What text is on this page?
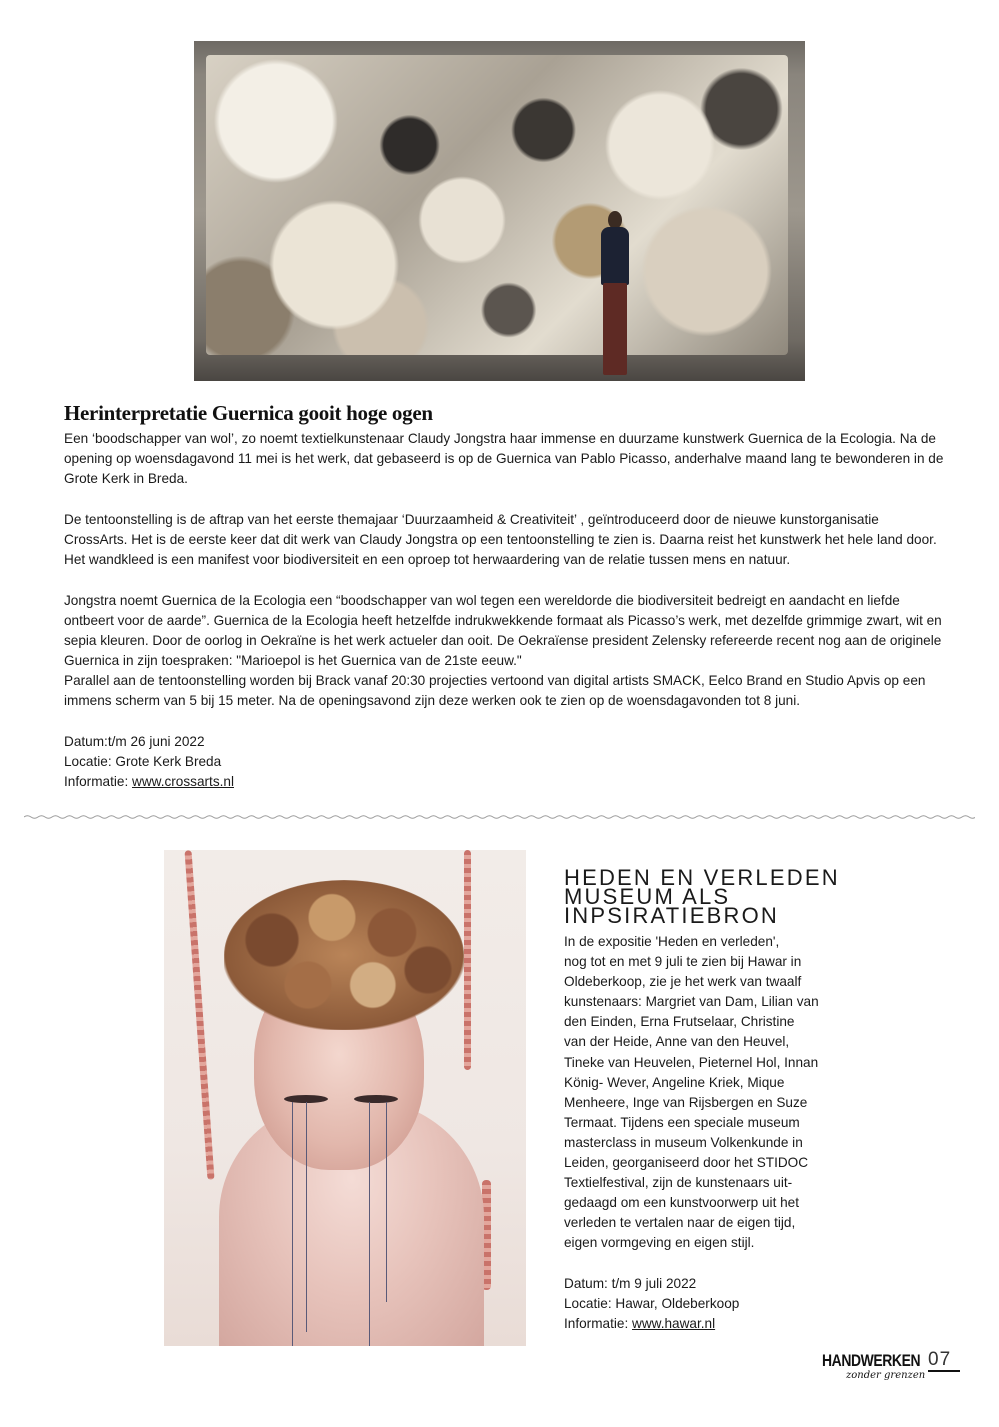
Herinterpretatie Guernica gooit hoge ogen

Een ‘boodschapper van wol’, zo noemt textielkunstenaar Claudy Jongstra haar immense en duurzame kunstwerk Guernica de la Ecologia. Na de opening op woensdagavond 11 mei is het werk, dat gebaseerd is op de Guernica van Pablo Picasso, anderhalve maand lang te bewonderen in de Grote Kerk in Breda.

De tentoonstelling is de aftrap van het eerste themajaar ‘Duurzaamheid & Creativiteit’ , geïntroduceerd door de nieuwe kunstorganisatie CrossArts. Het is de eerste keer dat dit werk van Claudy Jongstra op een tentoonstelling te zien is. Daarna reist het kunstwerk het hele land door. Het wandkleed is een manifest voor biodiversiteit en een oproep tot herwaardering van de relatie tussen mens en natuur.

Jongstra noemt Guernica de la Ecologia een “boodschapper van wol tegen een wereldorde die biodiversiteit bedreigt en aandacht en liefde ontbeert voor de aarde”. Guernica de la Ecologia heeft hetzelfde indrukwekkende formaat als Picasso’s werk, met dezelfde grimmige zwart, wit en sepia kleuren. Door de oorlog in Oekraïne is het werk actueler dan ooit. De Oekraïense president Zelensky refereerde recent nog aan de originele Guernica in zijn toespraken: "Marioepol is het Guernica van de 21ste eeuw."
Parallel aan de tentoonstelling worden bij Brack vanaf 20:30 projecties vertoond van digital artists SMACK, Eelco Brand en Studio Apvis op een immens scherm van 5 bij 15 meter. Na de openingsavond zijn deze werken ook te zien op de woensdagavonden tot 8 juni.

Datum:t/m 26 juni 2022
Locatie: Grote Kerk Breda
Informatie: www.crossarts.nl
HEDEN EN VERLEDEN
MUSEUM ALS
INPSIRATIEBRON
In de expositie 'Heden en verleden',
nog tot en met 9 juli te zien bij Hawar in
Oldeberkoop, zie je het werk van twaalf
kunstenaars: Margriet van Dam, Lilian van
den Einden, Erna Frutselaar, Christine
van der Heide, Anne van den Heuvel,
Tineke van Heuvelen, Pieternel Hol, Innan
König- Wever, Angeline Kriek, Mique
Menheere, Inge van Rijsbergen en Suze
Termaat. Tijdens een speciale museum
masterclass in museum Volkenkunde in
Leiden, georganiseerd door het STIDOC
Textielfestival, zijn de kunstenaars uit-
gedaagd om een kunstvoorwerp uit het
verleden te vertalen naar de eigen tijd,
eigen vormgeving en eigen stijl.
Datum: t/m 9 juli 2022
Locatie: Hawar, Oldeberkoop
Informatie: www.hawar.nl
HANDWERKEN
zonder grenzen
07
